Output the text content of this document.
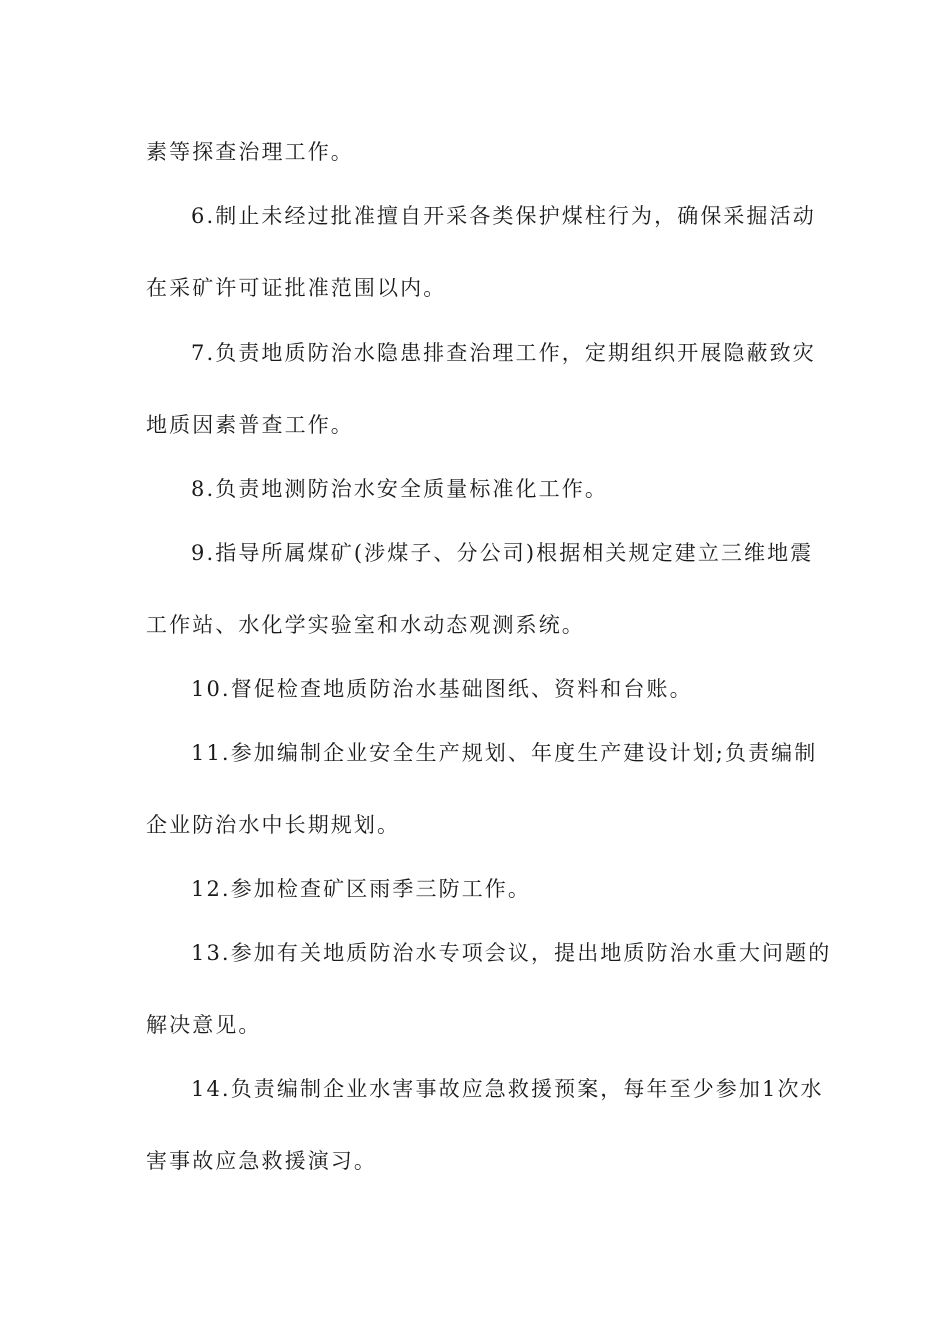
素等探查治理工作。
6.制止未经过批准擅自开采各类保护煤柱行为，确保采掘活动
在采矿许可证批准范围以内。
7.负责地质防治水隐患排查治理工作，定期组织开展隐蔽致灾
地质因素普查工作。
8.负责地测防治水安全质量标准化工作。
9.指导所属煤矿(涉煤子、分公司)根据相关规定建立三维地震
工作站、水化学实验室和水动态观测系统。
10.督促检查地质防治水基础图纸、资料和台账。
11.参加编制企业安全生产规划、年度生产建设计划;负责编制
企业防治水中长期规划。
12.参加检查矿区雨季三防工作。
13.参加有关地质防治水专项会议，提出地质防治水重大问题的
解决意见。
14.负责编制企业水害事故应急救援预案，每年至少参加1次水
害事故应急救援演习。
